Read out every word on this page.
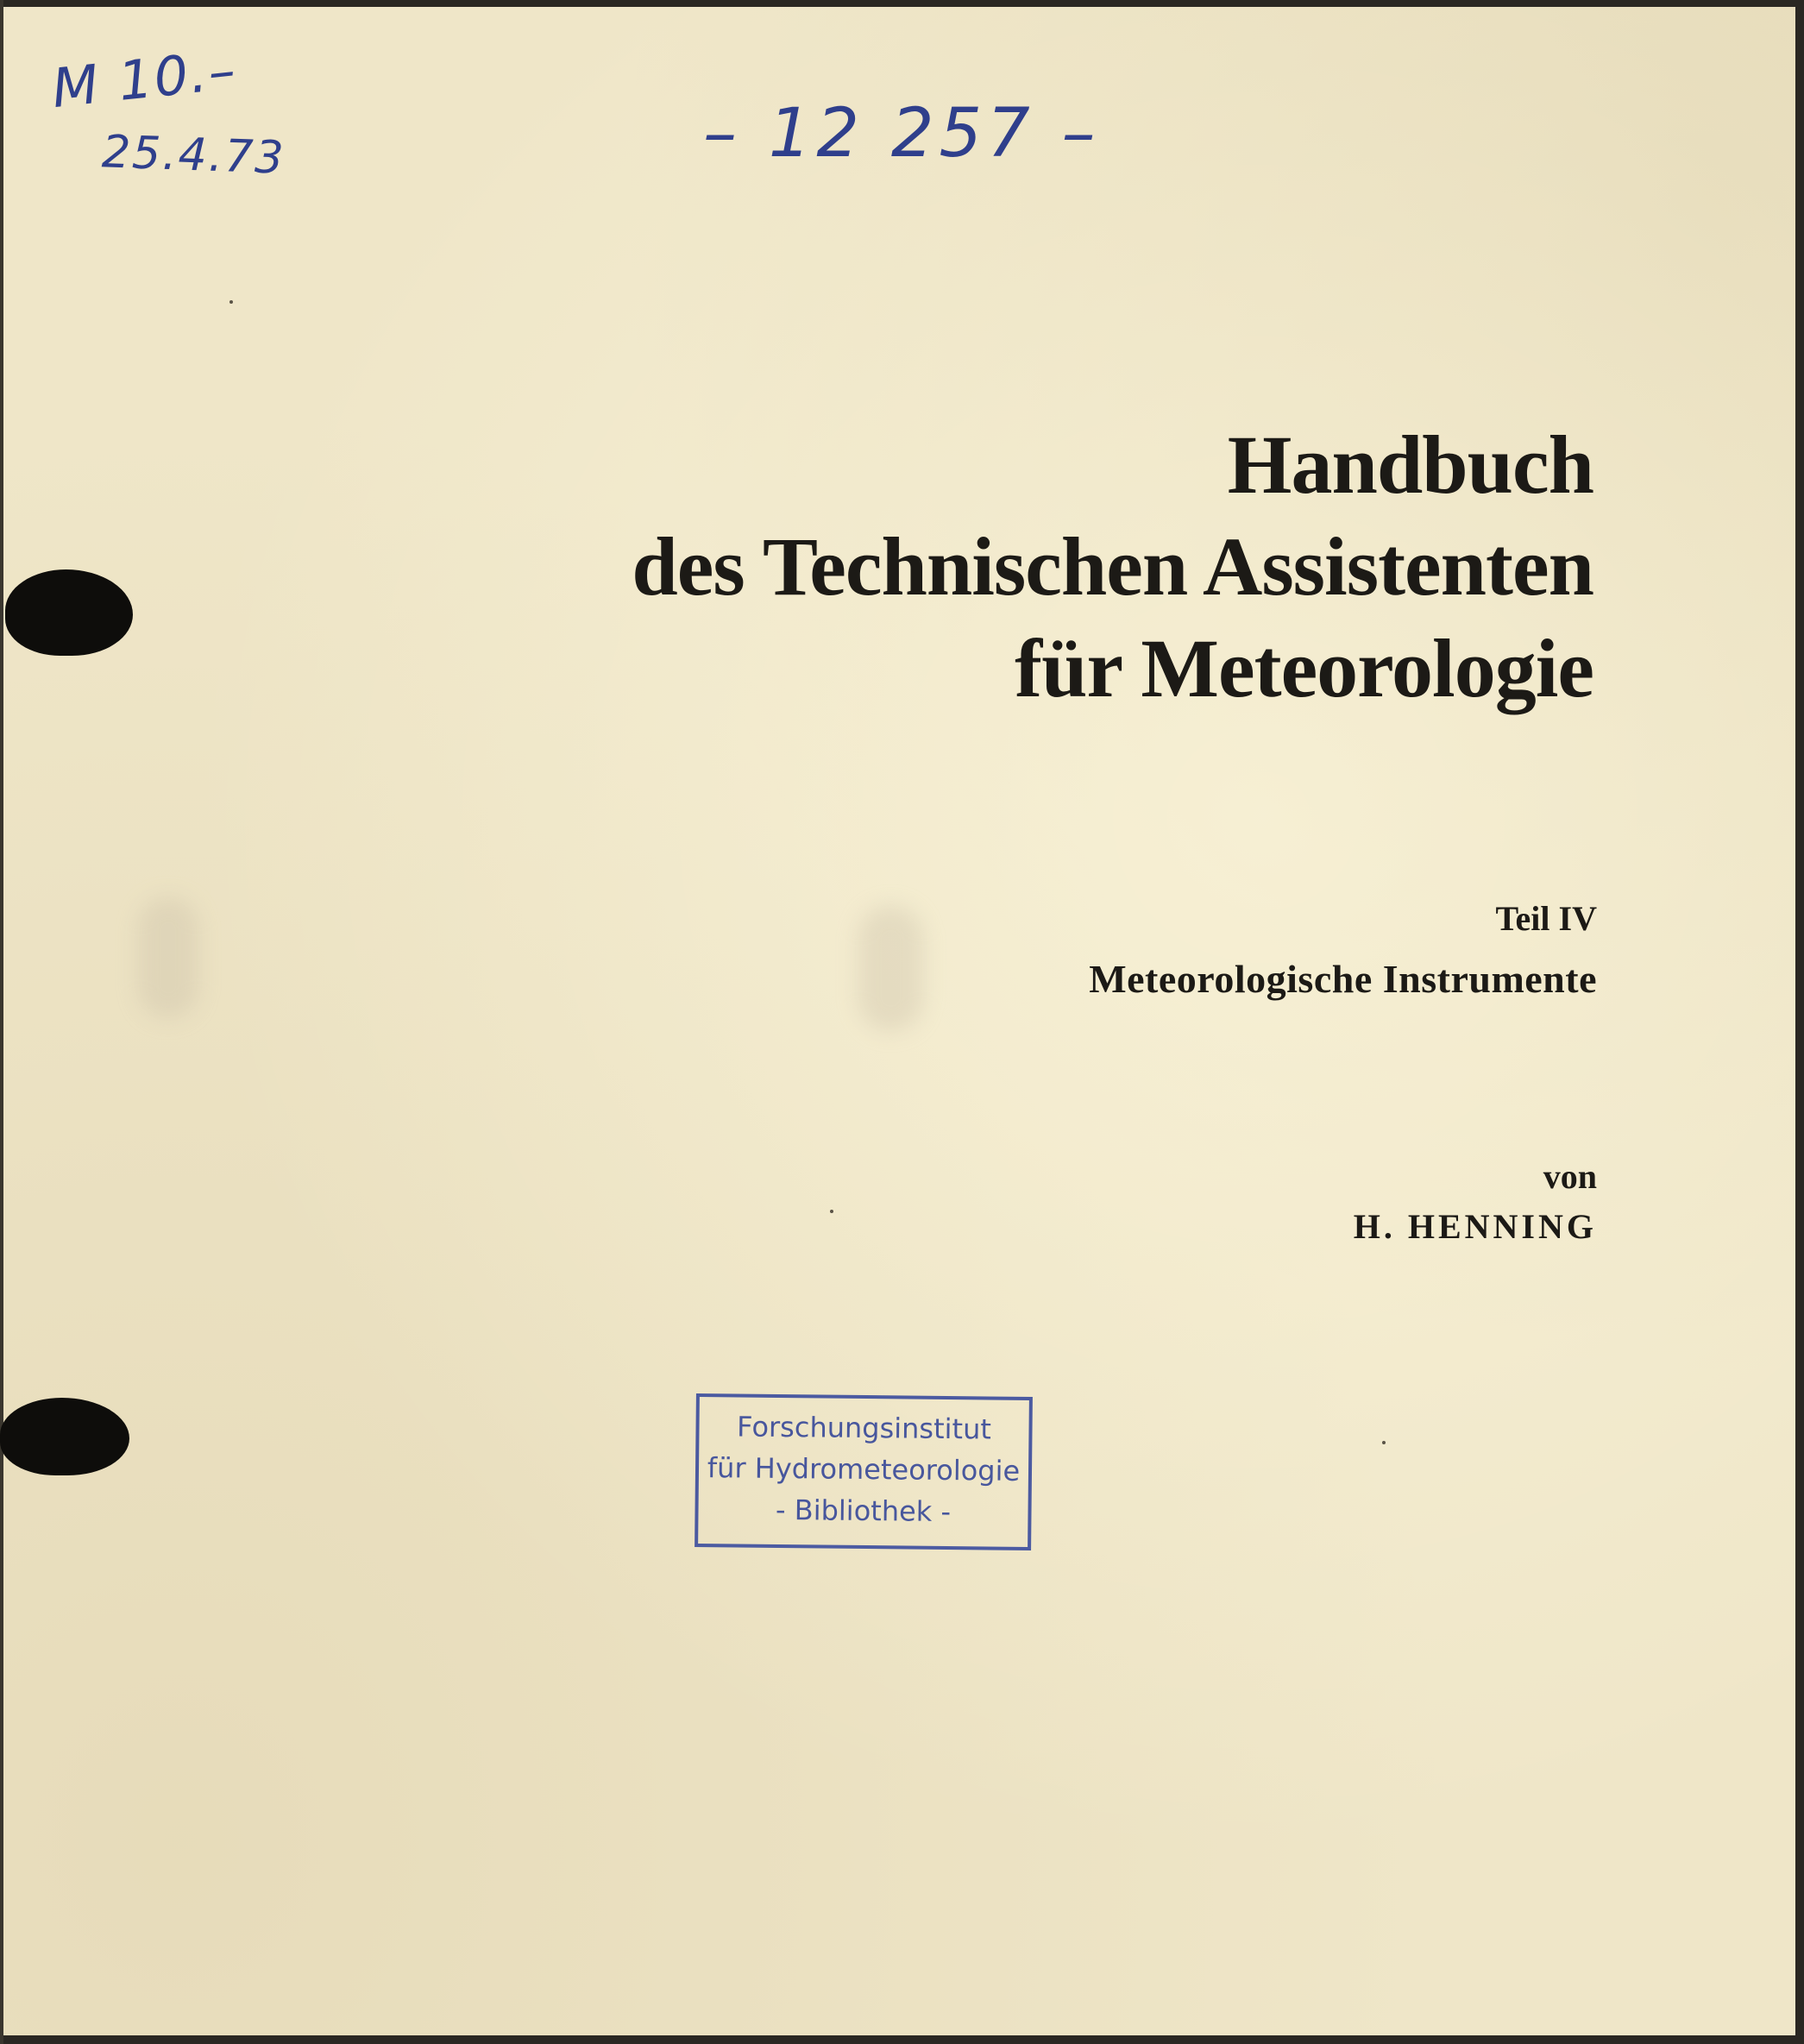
M 10.–
25.4.73	– 12 257 –
Handbuch
des Technischen Assistenten
für Meteorologie
Teil IV
Meteorologische Instrumente
von
H. HENNING
Forschungsinstitut
für Hydrometeorologie
- Bibliothek -
